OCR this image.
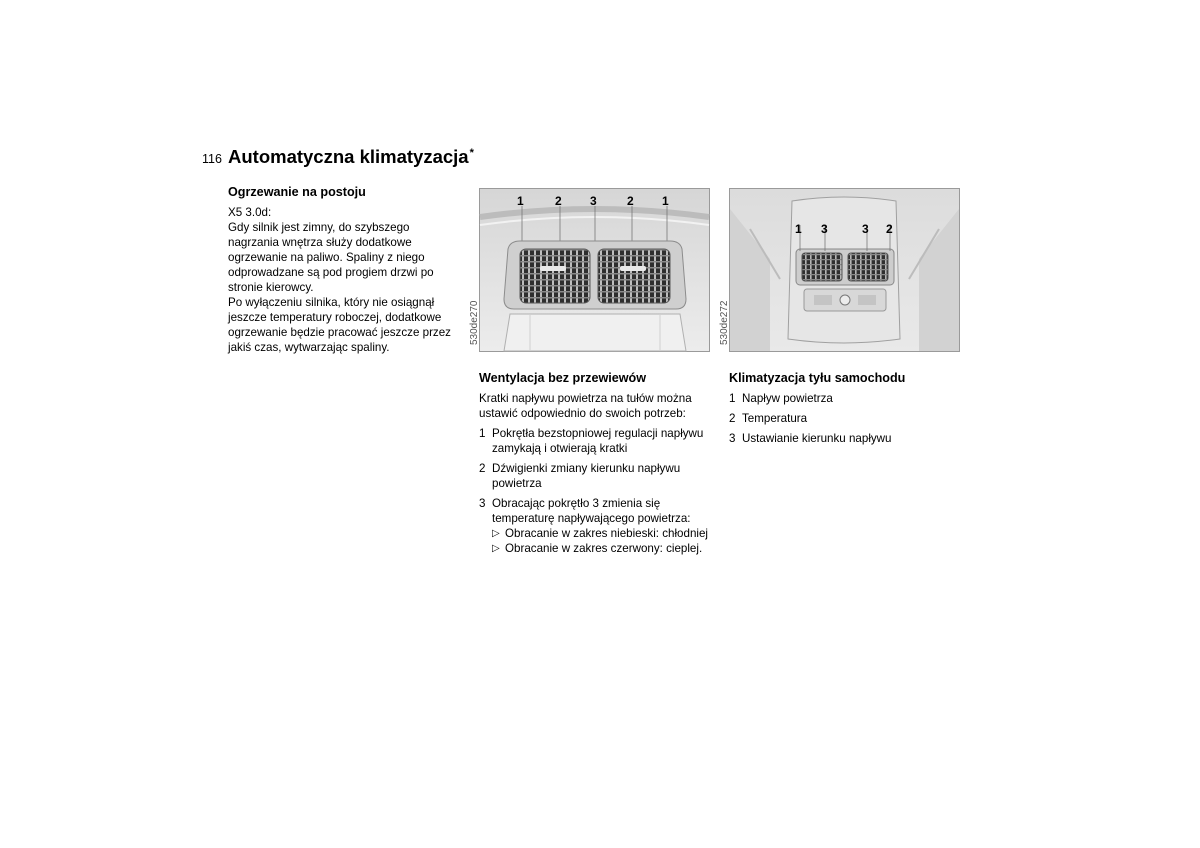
116 Automatyczna klimatyzacja*
Ogrzewanie na postoju

X5 3.0d:
Gdy silnik jest zimny, do szybszego
nagrzania wnętrza służy dodatkowe
ogrzewanie na paliwo. Spaliny z niego
odprowadzane są pod progiem drzwi po
stronie kierowcy.
Po wyłączeniu silnika, który nie osiągnął
jeszcze temperatury roboczej, dodatkowe
ogrzewanie będzie pracować jeszcze przez
jakiś czas, wytwarzając spaliny.

1	2 3	2 1
530de270
Wentylacja bez przewiewów

Kratki napływu powietrza na tułów można
ustawić odpowiednio do swoich potrzeb:

1 Pokrętła bezstopniowej regulacji napływu
zamykają i otwierają kratki
2 Dźwigienki zmiany kierunku napływu
powietrza
3 Obracając pokrętło 3 zmienia się
temperaturę napływającego powietrza:
▷ Obracanie w zakres niebieski: chłodniej
▷ Obracanie w zakres czerwony: cieplej.
1 3	3 2
530de272
Klimatyzacja tyłu samochodu
1 Napływ powietrza
2 Temperatura
3 Ustawianie kierunku napływu
